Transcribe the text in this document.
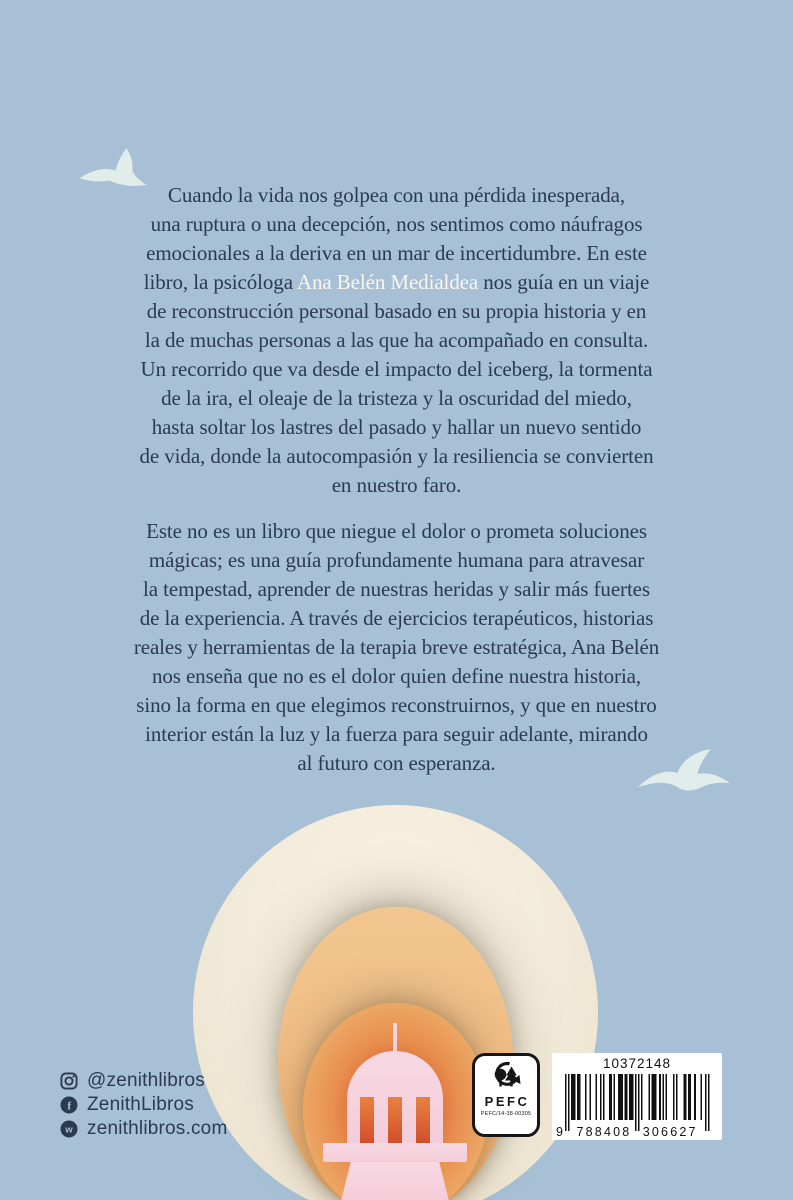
Cuando la vida nos golpea con una pérdida inesperada,
una ruptura o una decepción, nos sentimos como náufragos
emocionales a la deriva en un mar de incertidumbre. En este
libro, la psicóloga Ana Belén Medialdea nos guía en un viaje
de reconstrucción personal basado en su propia historia y en
la de muchas personas a las que ha acompañado en consulta.
Un recorrido que va desde el impacto del iceberg, la tormenta
de la ira, el oleaje de la tristeza y la oscuridad del miedo,
hasta soltar los lastres del pasado y hallar un nuevo sentido
de vida, donde la autocompasión y la resiliencia se convierten
en nuestro faro.
Este no es un libro que niegue el dolor o prometa soluciones
mágicas; es una guía profundamente humana para atravesar
la tempestad, aprender de nuestras heridas y salir más fuertes
de la experiencia. A través de ejercicios terapéuticos, historias
reales y herramientas de la terapia breve estratégica, Ana Belén
nos enseña que no es el dolor quien define nuestra historia,
sino la forma en que elegimos reconstruirnos, y que en nuestro
interior están la luz y la fuerza para seguir adelante, mirando
al futuro con esperanza.
@zenithlibros
f ZenithLibros
w zenithlibros.com
PEFC
PEFC/14-38-00305
10372148
9  788408  306627
